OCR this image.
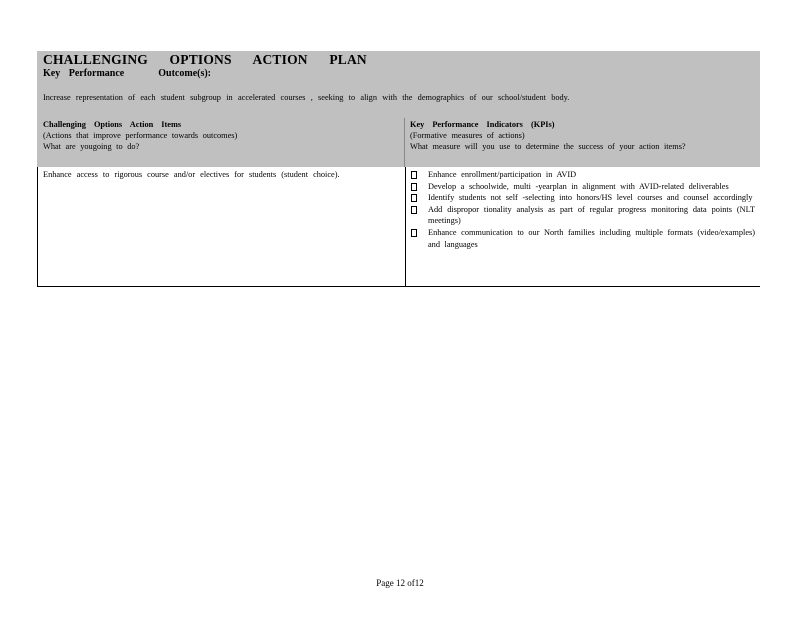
CHALLENGING OPTIONS ACTION PLAN
Key Performance	Outcome(s):
Increase representation of each student subgroup in accelerated courses , seeking to align with the demographics of our school/student body.
Challenging Options Action Items
(Actions that improve performance towards outcomes)
What are yougoing to do?
Key Performance Indicators (KPIs)
(Formative measures of actions)
What measure will you use to determine the success of your action items?
Enhance access to rigorous course and/or electives for students (student choice).	Enhance enrollment/participation in AVID
Develop a schoolwide, multi -yearplan in alignment with AVID-related deliverables
Identify students not self -selecting into honors/HS level courses and counsel accordingly
Add dispropor tionality analysis as part of regular progress monitoring data points (NLT meetings)
Enhance communication to our North families including multiple formats (video/examples) and languages
Page 12 of12
